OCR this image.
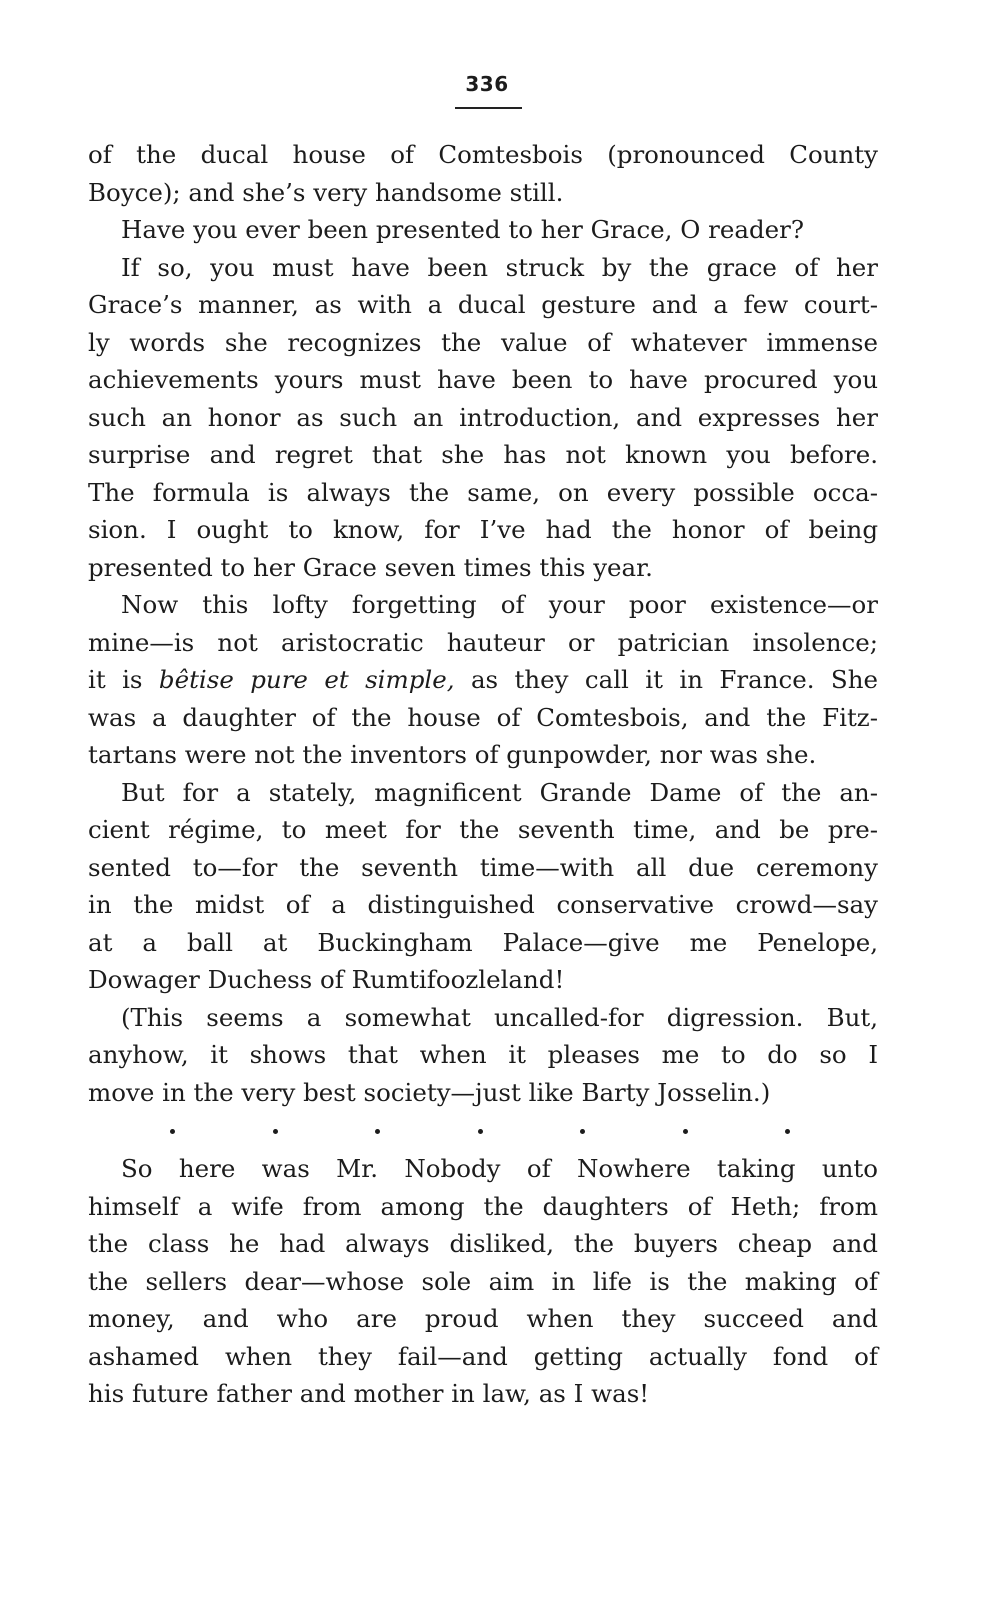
336
of the ducal house of Comtesbois (pronounced County
Boyce); and she’s very handsome still.
Have you ever been presented to her Grace, O reader?
If so, you must have been struck by the grace of her
Grace’s manner, as with a ducal gesture and a few court-
ly words she recognizes the value of whatever immense
achievements yours must have been to have procured you
such an honor as such an introduction, and expresses her
surprise and regret that she has not known you before.
The formula is always the same, on every possible occa-
sion. I ought to know, for I’ve had the honor of being
presented to her Grace seven times this year.
Now this lofty forgetting of your poor existence—or
mine—is not aristocratic hauteur or patrician insolence;
it is bêtise pure et simple, as they call it in France. She
was a daughter of the house of Comtesbois, and the Fitz-
tartans were not the inventors of gunpowder, nor was she.
But for a stately, magnificent Grande Dame of the an-
cient régime, to meet for the seventh time, and be pre-
sented to—for the seventh time—with all due ceremony
in the midst of a distinguished conservative crowd—say
at a ball at Buckingham Palace—give me Penelope,
Dowager Duchess of Rumtifoozleland!
(This seems a somewhat uncalled-for digression. But,
anyhow, it shows that when it pleases me to do so I
move in the very best society—just like Barty Josselin.)
So here was Mr. Nobody of Nowhere taking unto
himself a wife from among the daughters of Heth; from
the class he had always disliked, the buyers cheap and
the sellers dear—whose sole aim in life is the making of
money, and who are proud when they succeed and
ashamed when they fail—and getting actually fond of
his future father and mother in law, as I was!
